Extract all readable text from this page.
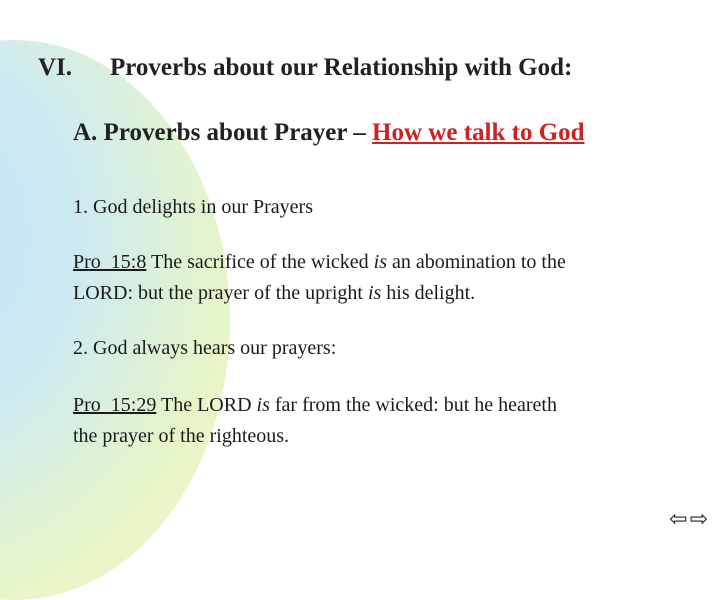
VI. Proverbs about our Relationship with God:
A. Proverbs about Prayer – How we talk to God
1. God delights in our Prayers
Pro_15:8 The sacrifice of the wicked is an abomination to the
LORD: but the prayer of the upright is his delight.
2. God always hears our prayers:
Pro_15:29 The LORD is far from the wicked: but he heareth
the prayer of the righteous.
⇦ ⇨
